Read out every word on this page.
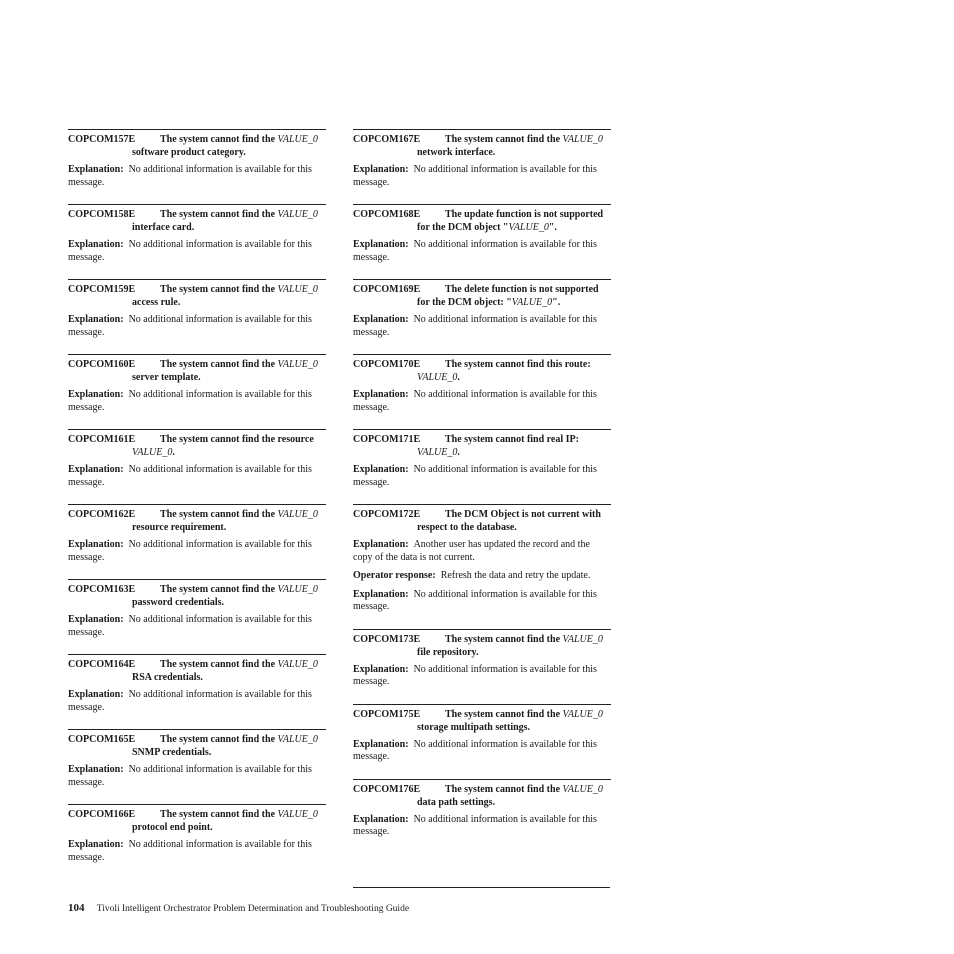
COPCOM157E	The system cannot find the VALUE_0 software product category.

Explanation: No additional information is available for this message.

COPCOM158E	The system cannot find the VALUE_0 interface card.

Explanation: No additional information is available for this message.

COPCOM159E	The system cannot find the VALUE_0 access rule.

Explanation: No additional information is available for this message.

COPCOM160E	The system cannot find the VALUE_0 server template.

Explanation: No additional information is available for this message.

COPCOM161E	The system cannot find the resource VALUE_0.

Explanation: No additional information is available for this message.

COPCOM162E	The system cannot find the VALUE_0 resource requirement.

Explanation: No additional information is available for this message.

COPCOM163E	The system cannot find the VALUE_0 password credentials.

Explanation: No additional information is available for this message.

COPCOM164E	The system cannot find the VALUE_0 RSA credentials.

Explanation: No additional information is available for this message.

COPCOM165E	The system cannot find the VALUE_0 SNMP credentials.

Explanation: No additional information is available for this message.

COPCOM166E	The system cannot find the VALUE_0 protocol end point.

Explanation: No additional information is available for this message.

COPCOM167E	The system cannot find the VALUE_0 network interface.

Explanation: No additional information is available for this message.

COPCOM168E	The update function is not supported for the DCM object "VALUE_0".

Explanation: No additional information is available for this message.

COPCOM169E	The delete function is not supported for the DCM object: "VALUE_0".

Explanation: No additional information is available for this message.

COPCOM170E	The system cannot find this route: VALUE_0.

Explanation: No additional information is available for this message.

COPCOM171E	The system cannot find real IP: VALUE_0.

Explanation: No additional information is available for this message.

COPCOM172E	The DCM Object is not current with respect to the database.

Explanation: Another user has updated the record and the copy of the data is not current.

Operator response: Refresh the data and retry the update.

Explanation: No additional information is available for this message.

COPCOM173E	The system cannot find the VALUE_0 file repository.

Explanation: No additional information is available for this message.

COPCOM175E	The system cannot find the VALUE_0 storage multipath settings.

Explanation: No additional information is available for this message.

COPCOM176E	The system cannot find the VALUE_0 data path settings.

Explanation: No additional information is available for this message.

104 Tivoli Intelligent Orchestrator Problem Determination and Troubleshooting Guide
